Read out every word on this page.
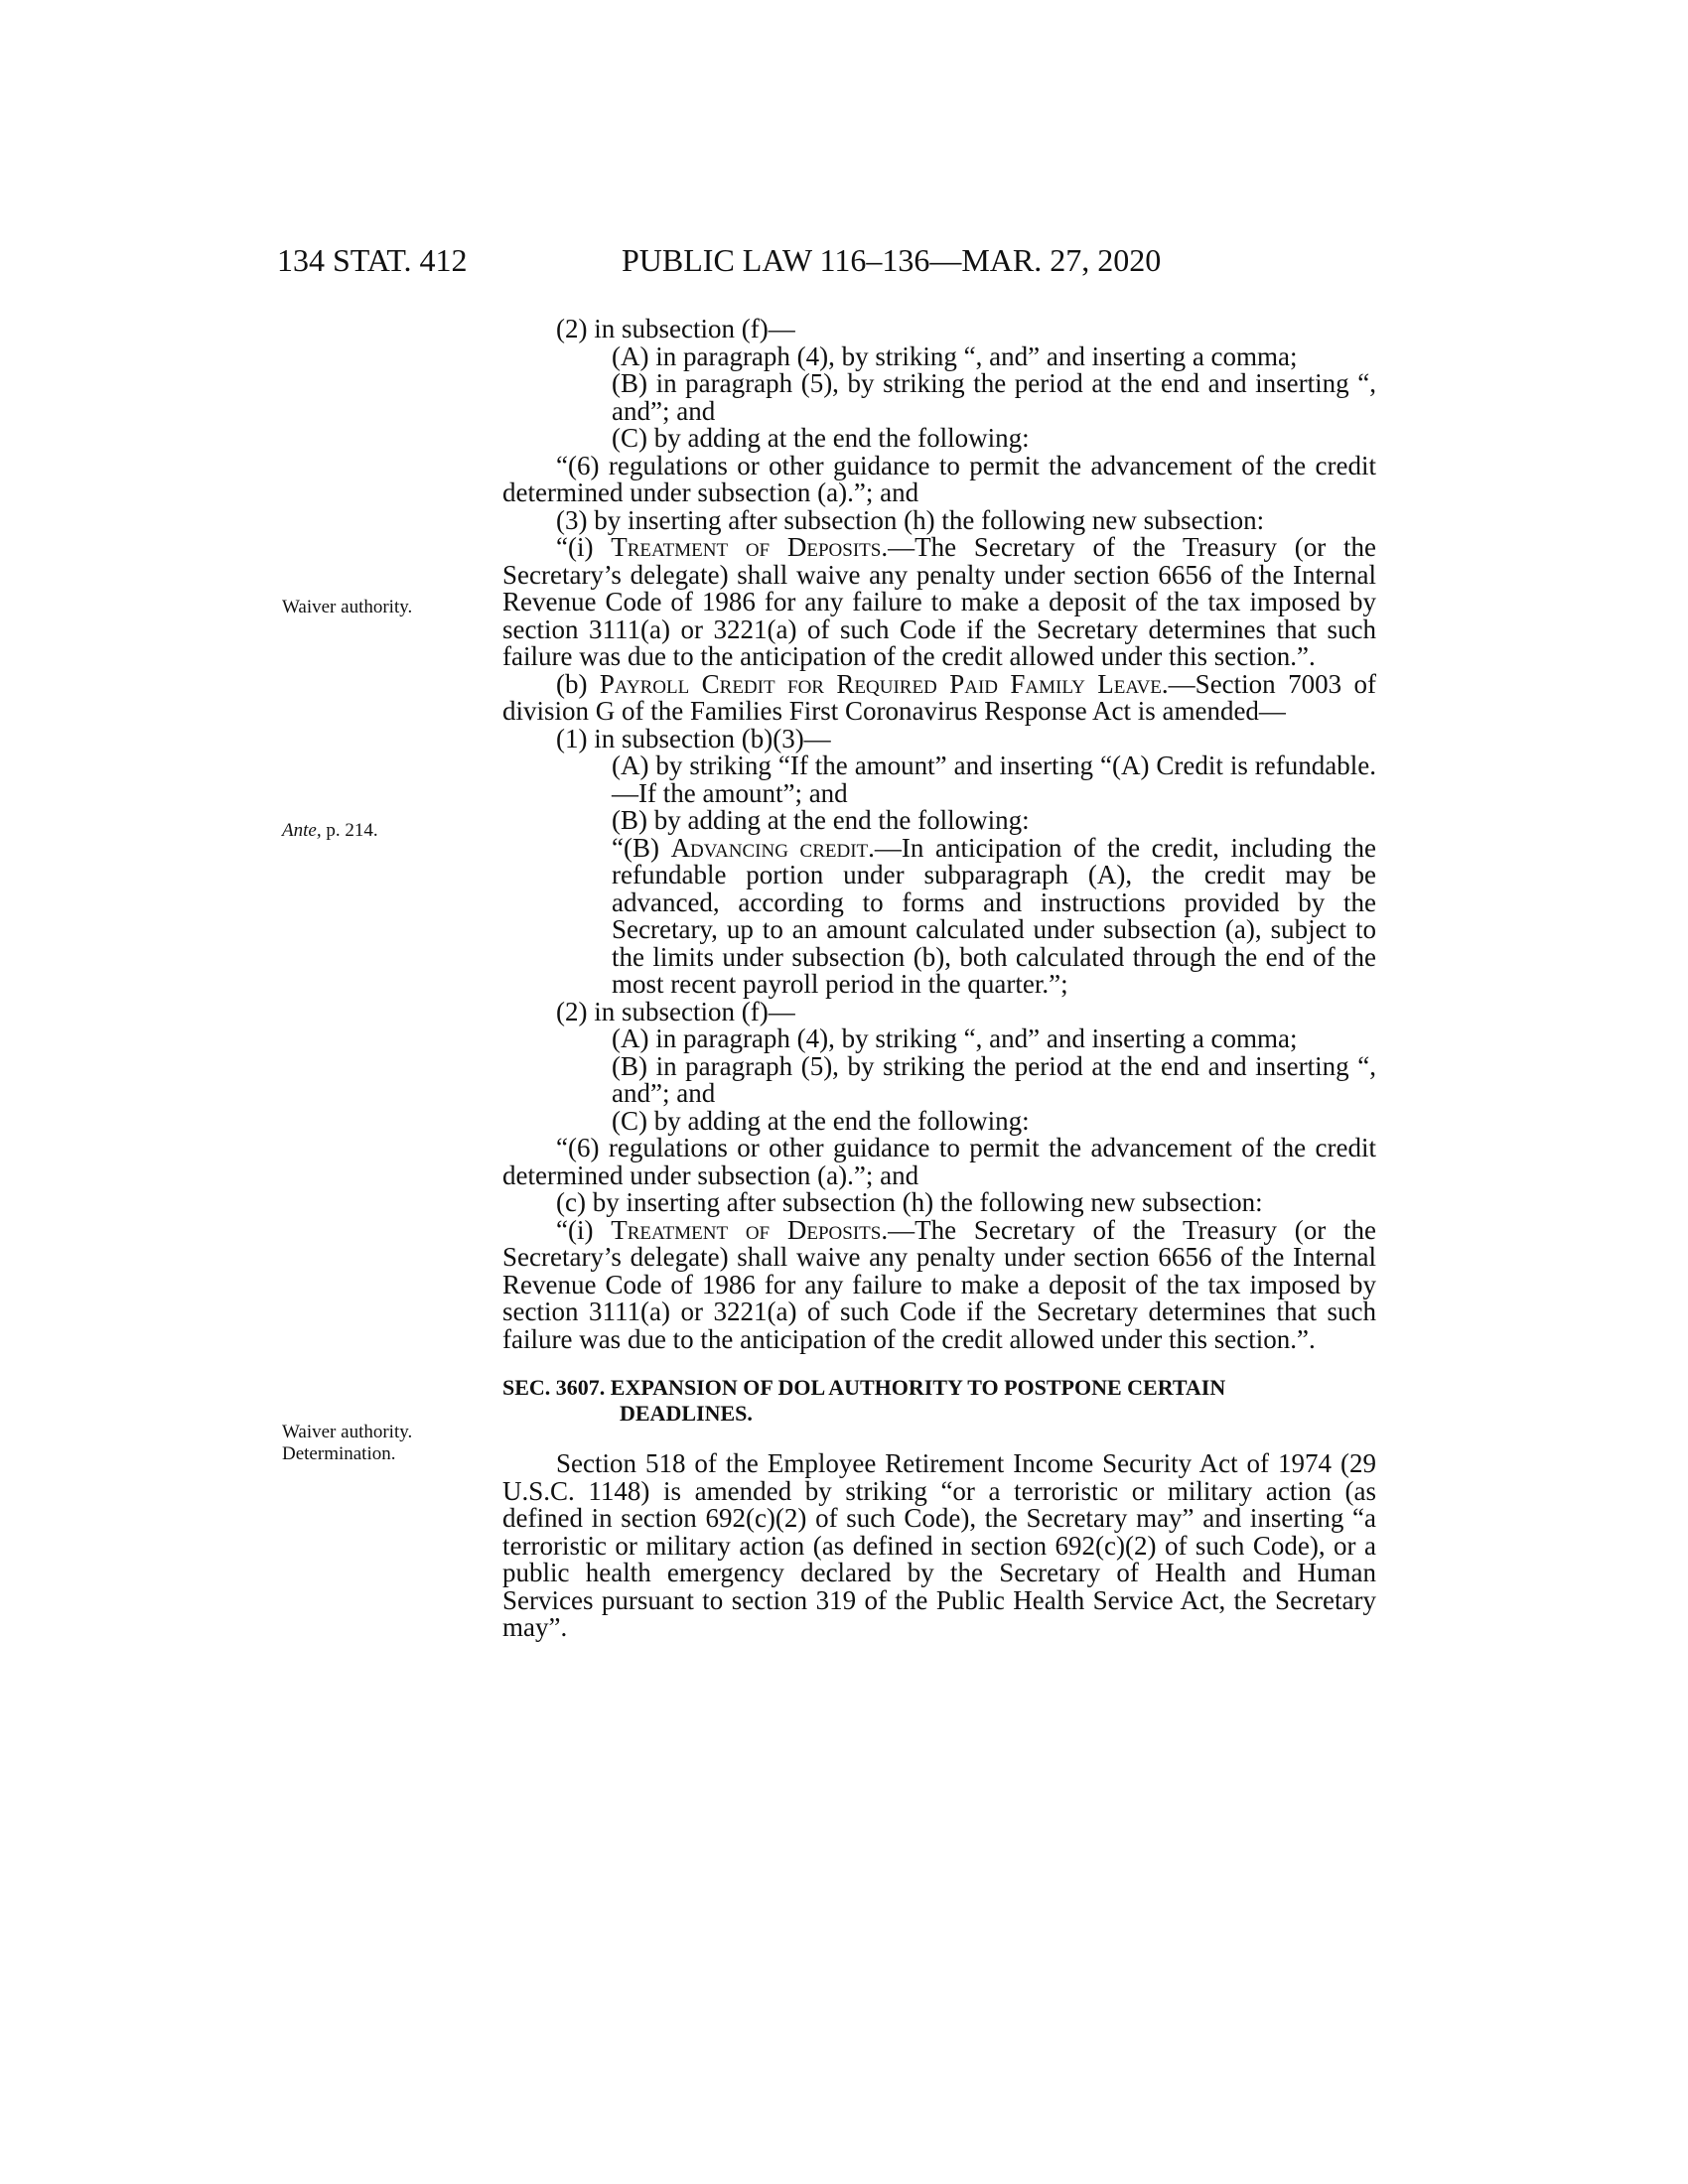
134 STAT. 412	PUBLIC LAW 116–136—MAR. 27, 2020
Waiver authority.
Ante, p. 214.
Waiver authority.
Determination.

(2) in subsection (f)—

(A) in paragraph (4), by striking “, and” and inserting a comma;

(B) in paragraph (5), by striking the period at the end and inserting “, and”; and

(C) by adding at the end the following:

“(6) regulations or other guidance to permit the advancement of the credit determined under subsection (a).”; and

(3) by inserting after subsection (h) the following new subsection:

“(i) Treatment of Deposits.—The Secretary of the Treasury (or the Secretary’s delegate) shall waive any penalty under section 6656 of the Internal Revenue Code of 1986 for any failure to make a deposit of the tax imposed by section 3111(a) or 3221(a) of such Code if the Secretary determines that such failure was due to the anticipation of the credit allowed under this section.”.

(b) Payroll Credit for Required Paid Family Leave.—Section 7003 of division G of the Families First Coronavirus Response Act is amended—

(1) in subsection (b)(3)—

(A) by striking “If the amount” and inserting “(A) Credit is refundable.—If the amount”; and

(B) by adding at the end the following:

“(B) Advancing credit.—In anticipation of the credit, including the refundable portion under subparagraph (A), the credit may be advanced, according to forms and instructions provided by the Secretary, up to an amount calculated under subsection (a), subject to the limits under subsection (b), both calculated through the end of the most recent payroll period in the quarter.”;

(2) in subsection (f)—

(A) in paragraph (4), by striking “, and” and inserting a comma;

(B) in paragraph (5), by striking the period at the end and inserting “, and”; and

(C) by adding at the end the following:

“(6) regulations or other guidance to permit the advancement of the credit determined under subsection (a).”; and

(c) by inserting after subsection (h) the following new subsection:

“(i) Treatment of Deposits.—The Secretary of the Treasury (or the Secretary’s delegate) shall waive any penalty under section 6656 of the Internal Revenue Code of 1986 for any failure to make a deposit of the tax imposed by section 3111(a) or 3221(a) of such Code if the Secretary determines that such failure was due to the anticipation of the credit allowed under this section.”.

SEC. 3607. EXPANSION OF DOL AUTHORITY TO POSTPONE CERTAIN
DEADLINES.

Section 518 of the Employee Retirement Income Security Act of 1974 (29 U.S.C. 1148) is amended by striking “or a terroristic or military action (as defined in section 692(c)(2) of such Code), the Secretary may” and inserting “a terroristic or military action (as defined in section 692(c)(2) of such Code), or a public health emergency declared by the Secretary of Health and Human Services pursuant to section 319 of the Public Health Service Act, the Secretary may”.
